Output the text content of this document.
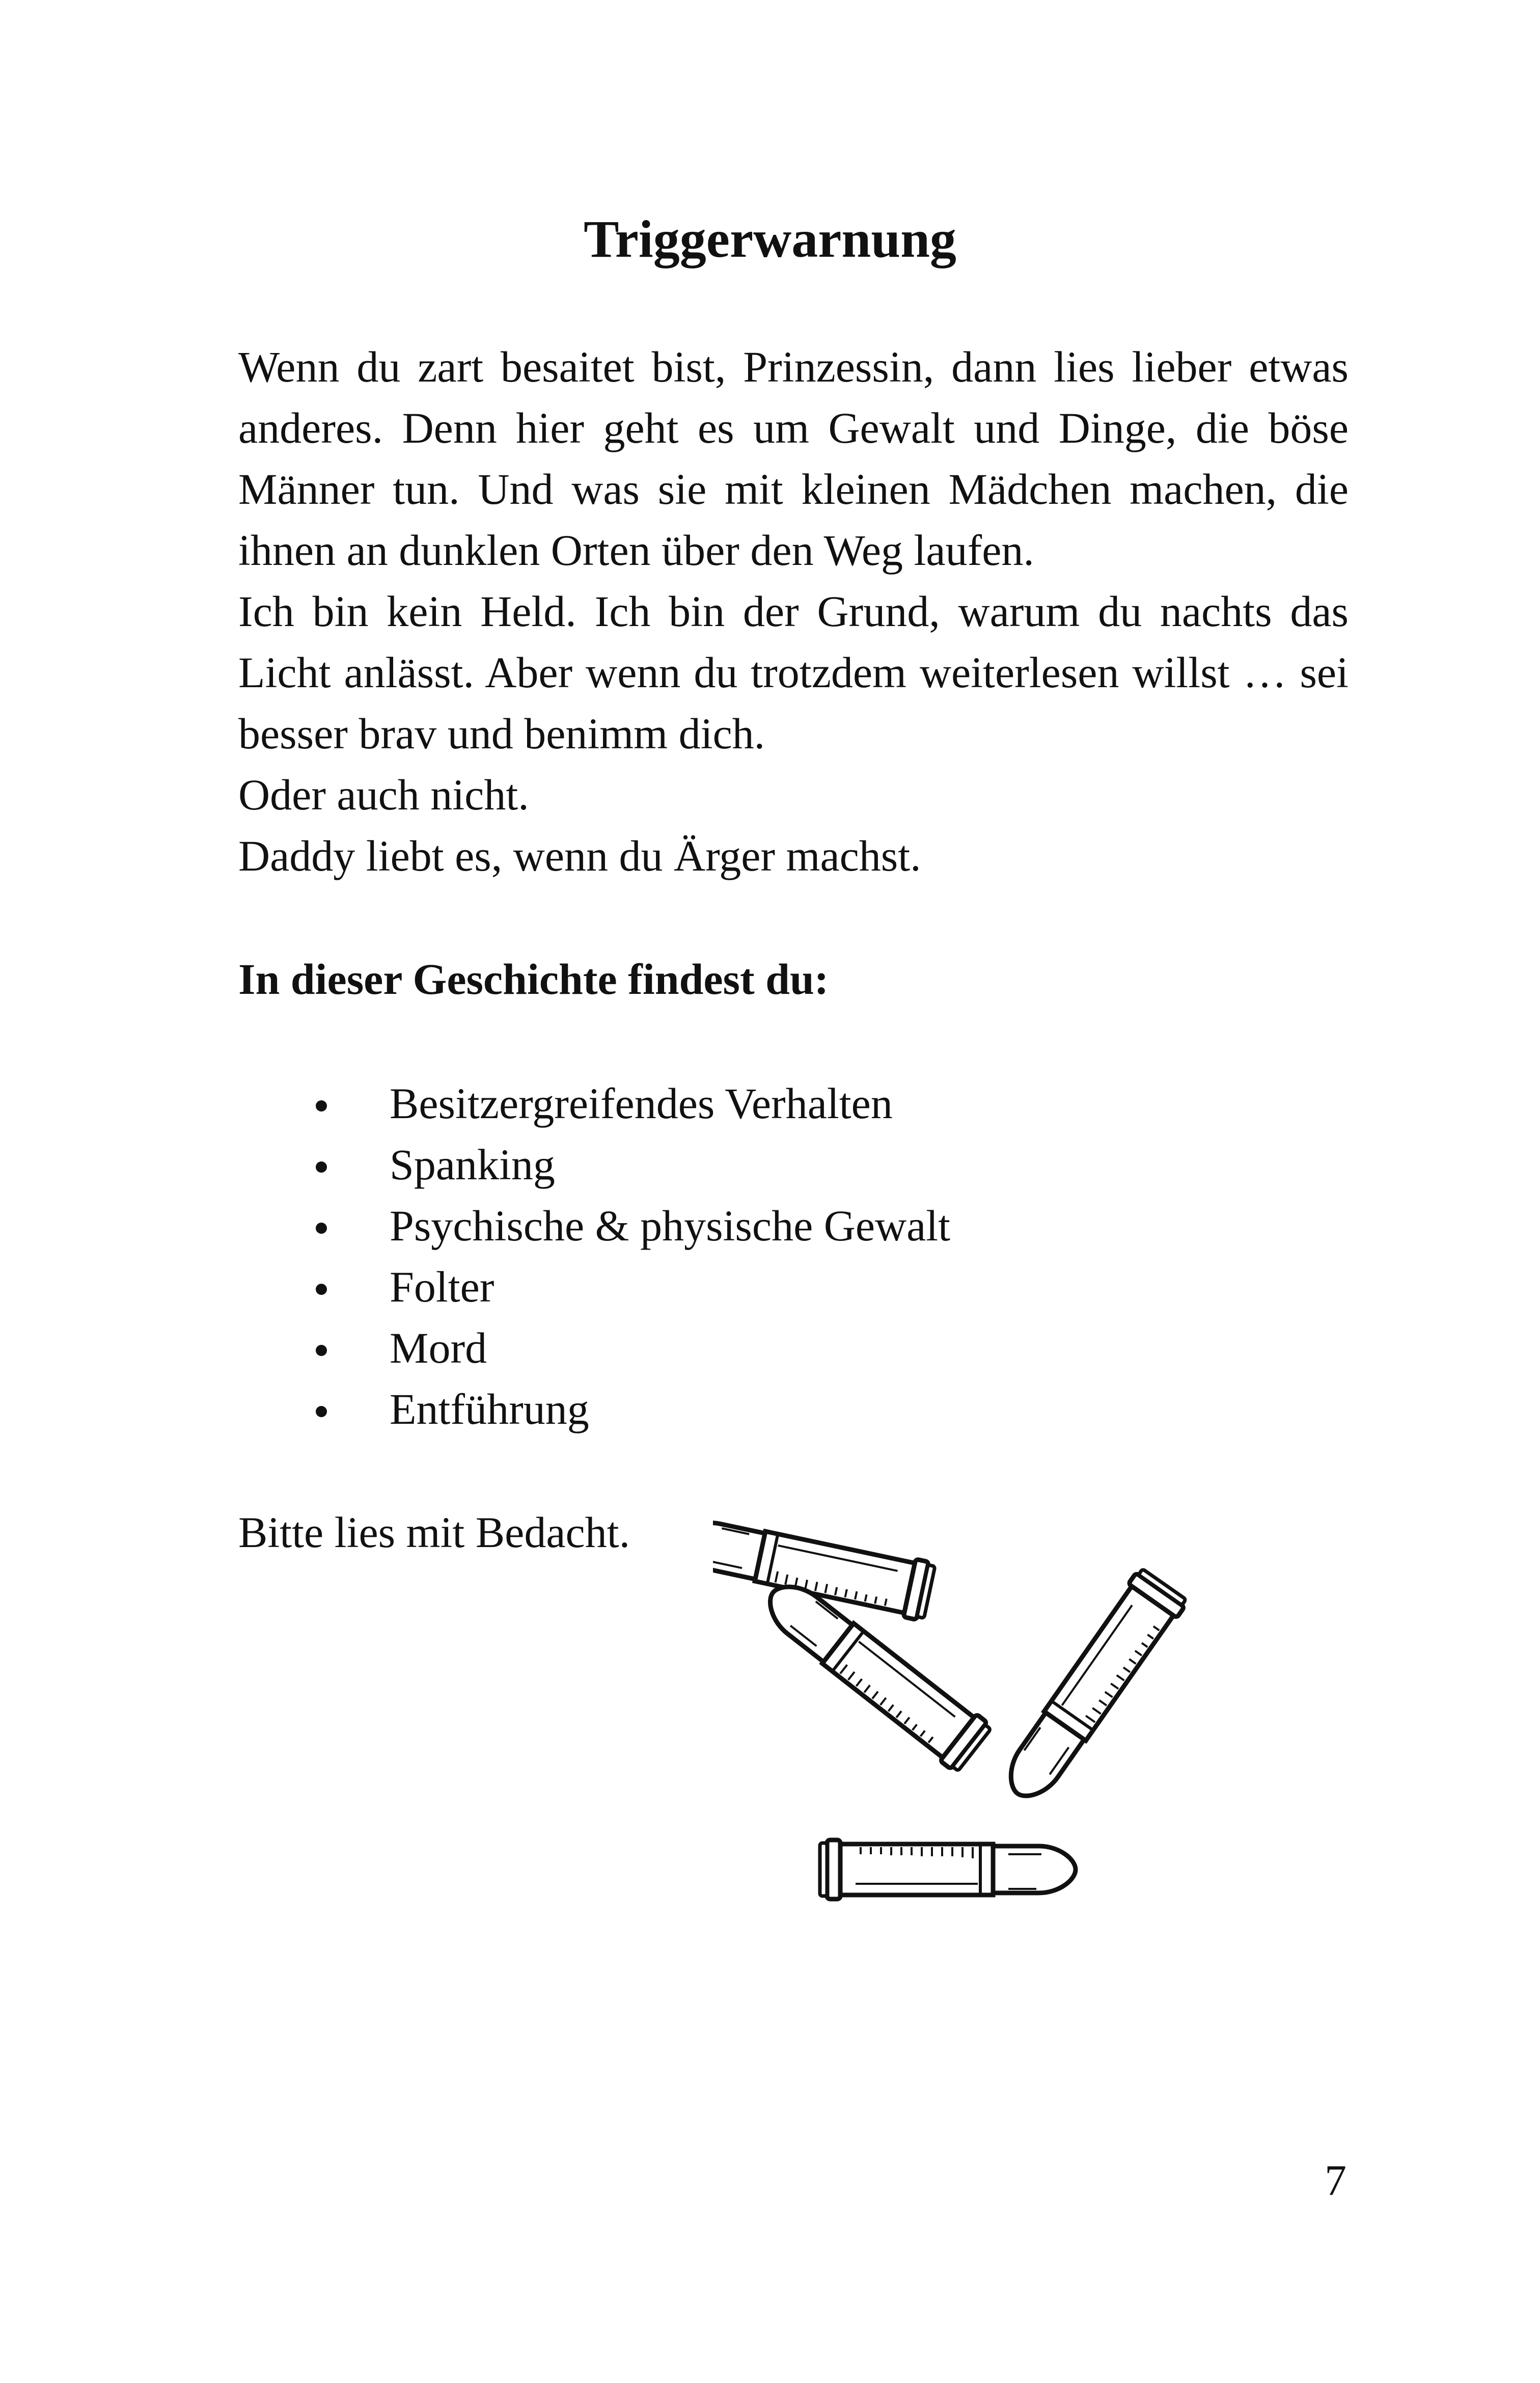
Triggerwarnung

Wenn du zart besaitet bist, Prinzessin, dann lies lieber etwas anderes. Denn hier geht es um Gewalt und Dinge, die böse Männer tun. Und was sie mit kleinen Mädchen machen, die ihnen an dunklen Orten über den Weg laufen.

Ich bin kein Held. Ich bin der Grund, warum du nachts das Licht anlässt. Aber wenn du trotzdem weiterlesen willst … sei besser brav und benimm dich.

Oder auch nicht.

Daddy liebt es, wenn du Ärger machst.

In dieser Geschichte findest du:
Besitzergreifendes Verhalten
Spanking
Psychische & physische Gewalt
Folter
Mord
Entführung

Bitte lies mit Bedacht.

7
